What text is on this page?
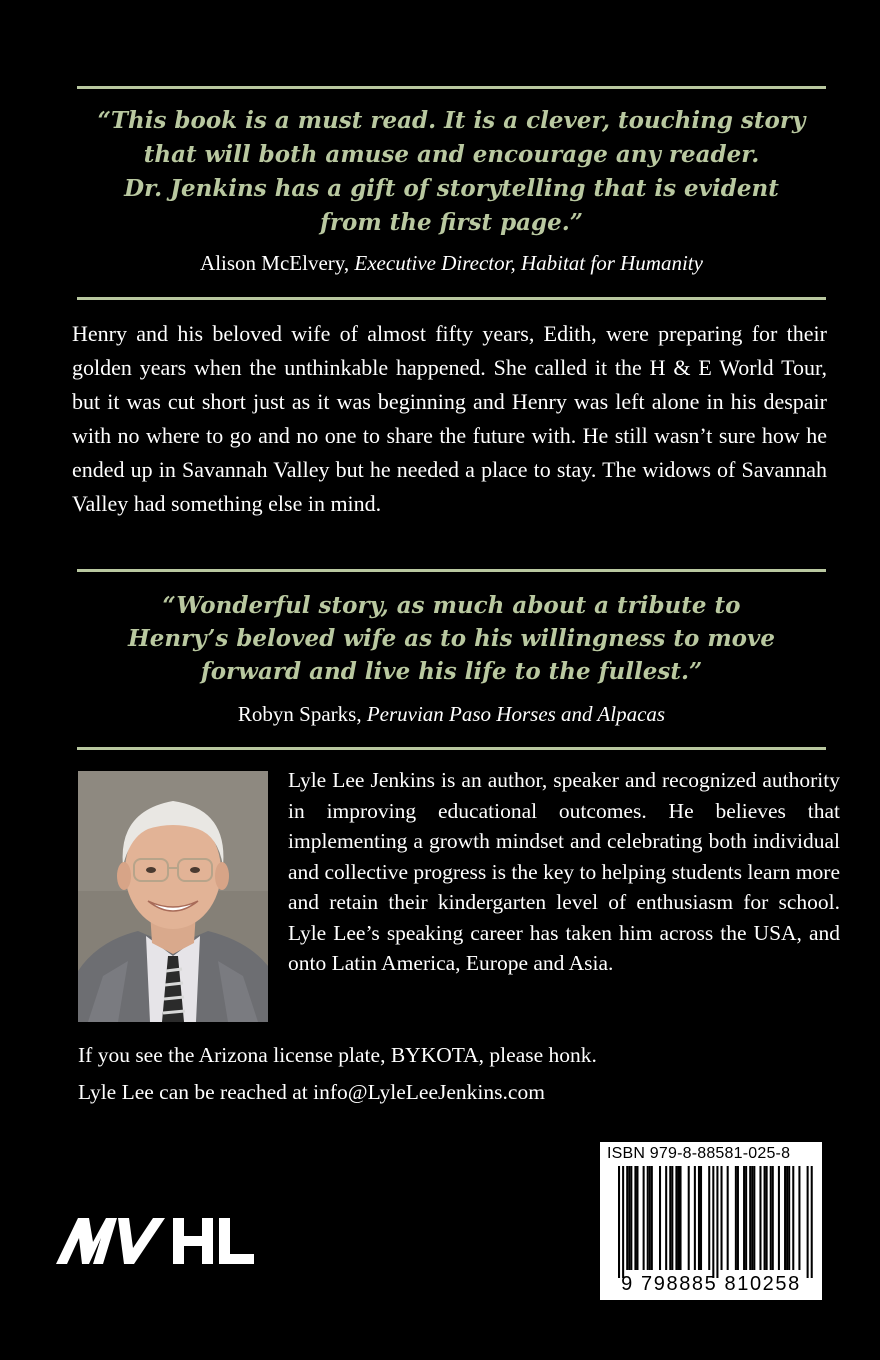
“This book is a must read. It is a clever, touching story

that will both amuse and encourage any reader.

Dr. Jenkins has a gift of storytelling that is evident

from the first page.”

Alison McElvery, Executive Director, Habitat for Humanity

Henry and his beloved wife of almost fifty years, Edith, were preparing for their golden years when the unthinkable happened. She called it the H & E World Tour, but it was cut short just as it was beginning and Henry was left alone in his despair with no where to go and no one to share the future with. He still wasn’t sure how he ended up in Savannah Valley but he needed a place to stay. The widows of Savannah Valley had something else in mind.

“Wonderful story, as much about a tribute to

Henry’s beloved wife as to his willingness to move

forward and live his life to the fullest.”

Robyn Sparks, Peruvian Paso Horses and Alpacas

Lyle Lee Jenkins is an author, speaker and recognized authority in improving educational outcomes. He believes that implementing a growth mindset and celebrating both individual and collective progress is the key to helping students learn more and retain their kindergarten level of enthusiasm for school. Lyle Lee’s speaking career has taken him across the USA, and onto Latin America, Europe and Asia.

If you see the Arizona license plate, BYKOTA, please honk.

Lyle Lee can be reached at info@LyleLeeJenkins.com

ISBN 979-8-88581-025-8
9 798885 810258
